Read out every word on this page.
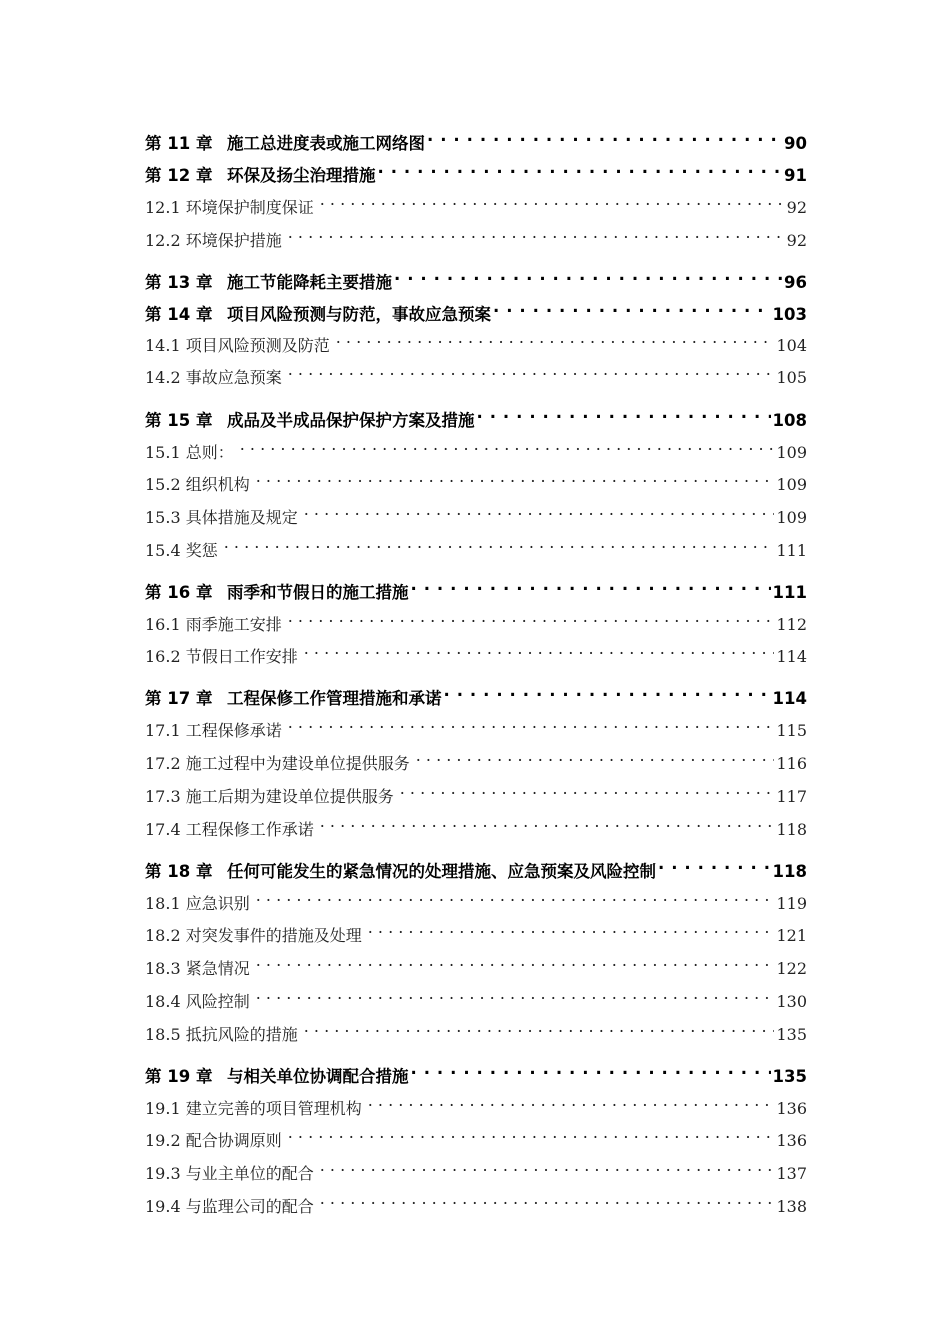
第 11 章 施工总进度表或施工网络图 . . .	90
第 12 章 环保及扬尘治理措施 . . .	91
12.1 环境保护制度保证 . . .	92
12.2 环境保护措施 . . .	92
第 13 章 施工节能降耗主要措施 . . .	96
第 14 章 项目风险预测与防范，事故应急预案 . . .	103
14.1 项目风险预测及防范 . . .	104
14.2 事故应急预案 . . .	105
第 15 章 成品及半成品保护保护方案及措施 . . .	108
15.1 总则： . . .	109
15.2 组织机构 . . .	109
15.3 具体措施及规定 . . .	109
15.4 奖惩 . . .	111
第 16 章 雨季和节假日的施工措施 . . .	111
16.1 雨季施工安排 . . .	112
16.2 节假日工作安排 . . .	114
第 17 章 工程保修工作管理措施和承诺 . . .	114
17.1 工程保修承诺 . . .	115
17.2 施工过程中为建设单位提供服务 . . .	116
17.3 施工后期为建设单位提供服务 . . .	117
17.4 工程保修工作承诺 . . .	118
第 18 章 任何可能发生的紧急情况的处理措施、应急预案及风险控制 . . .	118
18.1 应急识别 . . .	119
18.2 对突发事件的措施及处理 . . .	121
18.3 紧急情况 . . .	122
18.4 风险控制 . . .	130
18.5 抵抗风险的措施 . . .	135
第 19 章 与相关单位协调配合措施 . . .	135
19.1 建立完善的项目管理机构 . . .	136
19.2 配合协调原则 . . .	136
19.3 与业主单位的配合 . . .	137
19.4 与监理公司的配合 . . .	138
